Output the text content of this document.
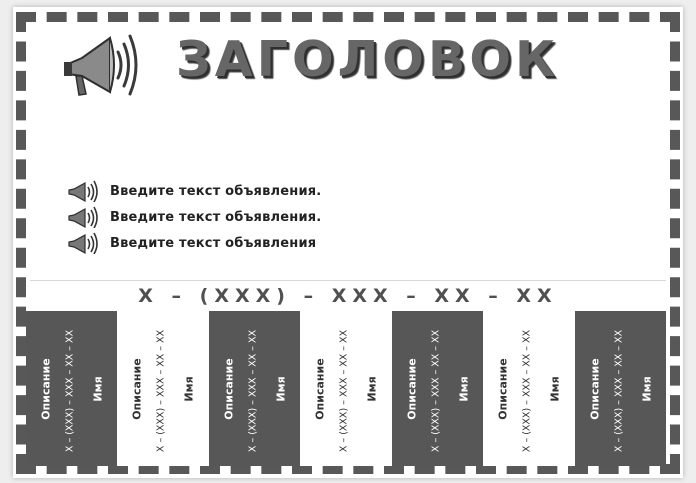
ЗАГОЛОВОК
Введите текст объявления.
Введите текст объявления.
Введите текст объявления
X – (XXX) – XXX – XX – XX
Описание X – (XXX) – XXX – XX – XX Имя Описание X – (XXX) – XXX – XX – XX Имя Описание X – (XXX) – XXX – XX – XX Имя Описание X – (XXX) – XXX – XX – XX Имя Описание X – (XXX) – XXX – XX – XX Имя Описание X – (XXX) – XXX – XX – XX Имя Описание X – (XXX) – XXX – XX – XX Имя
